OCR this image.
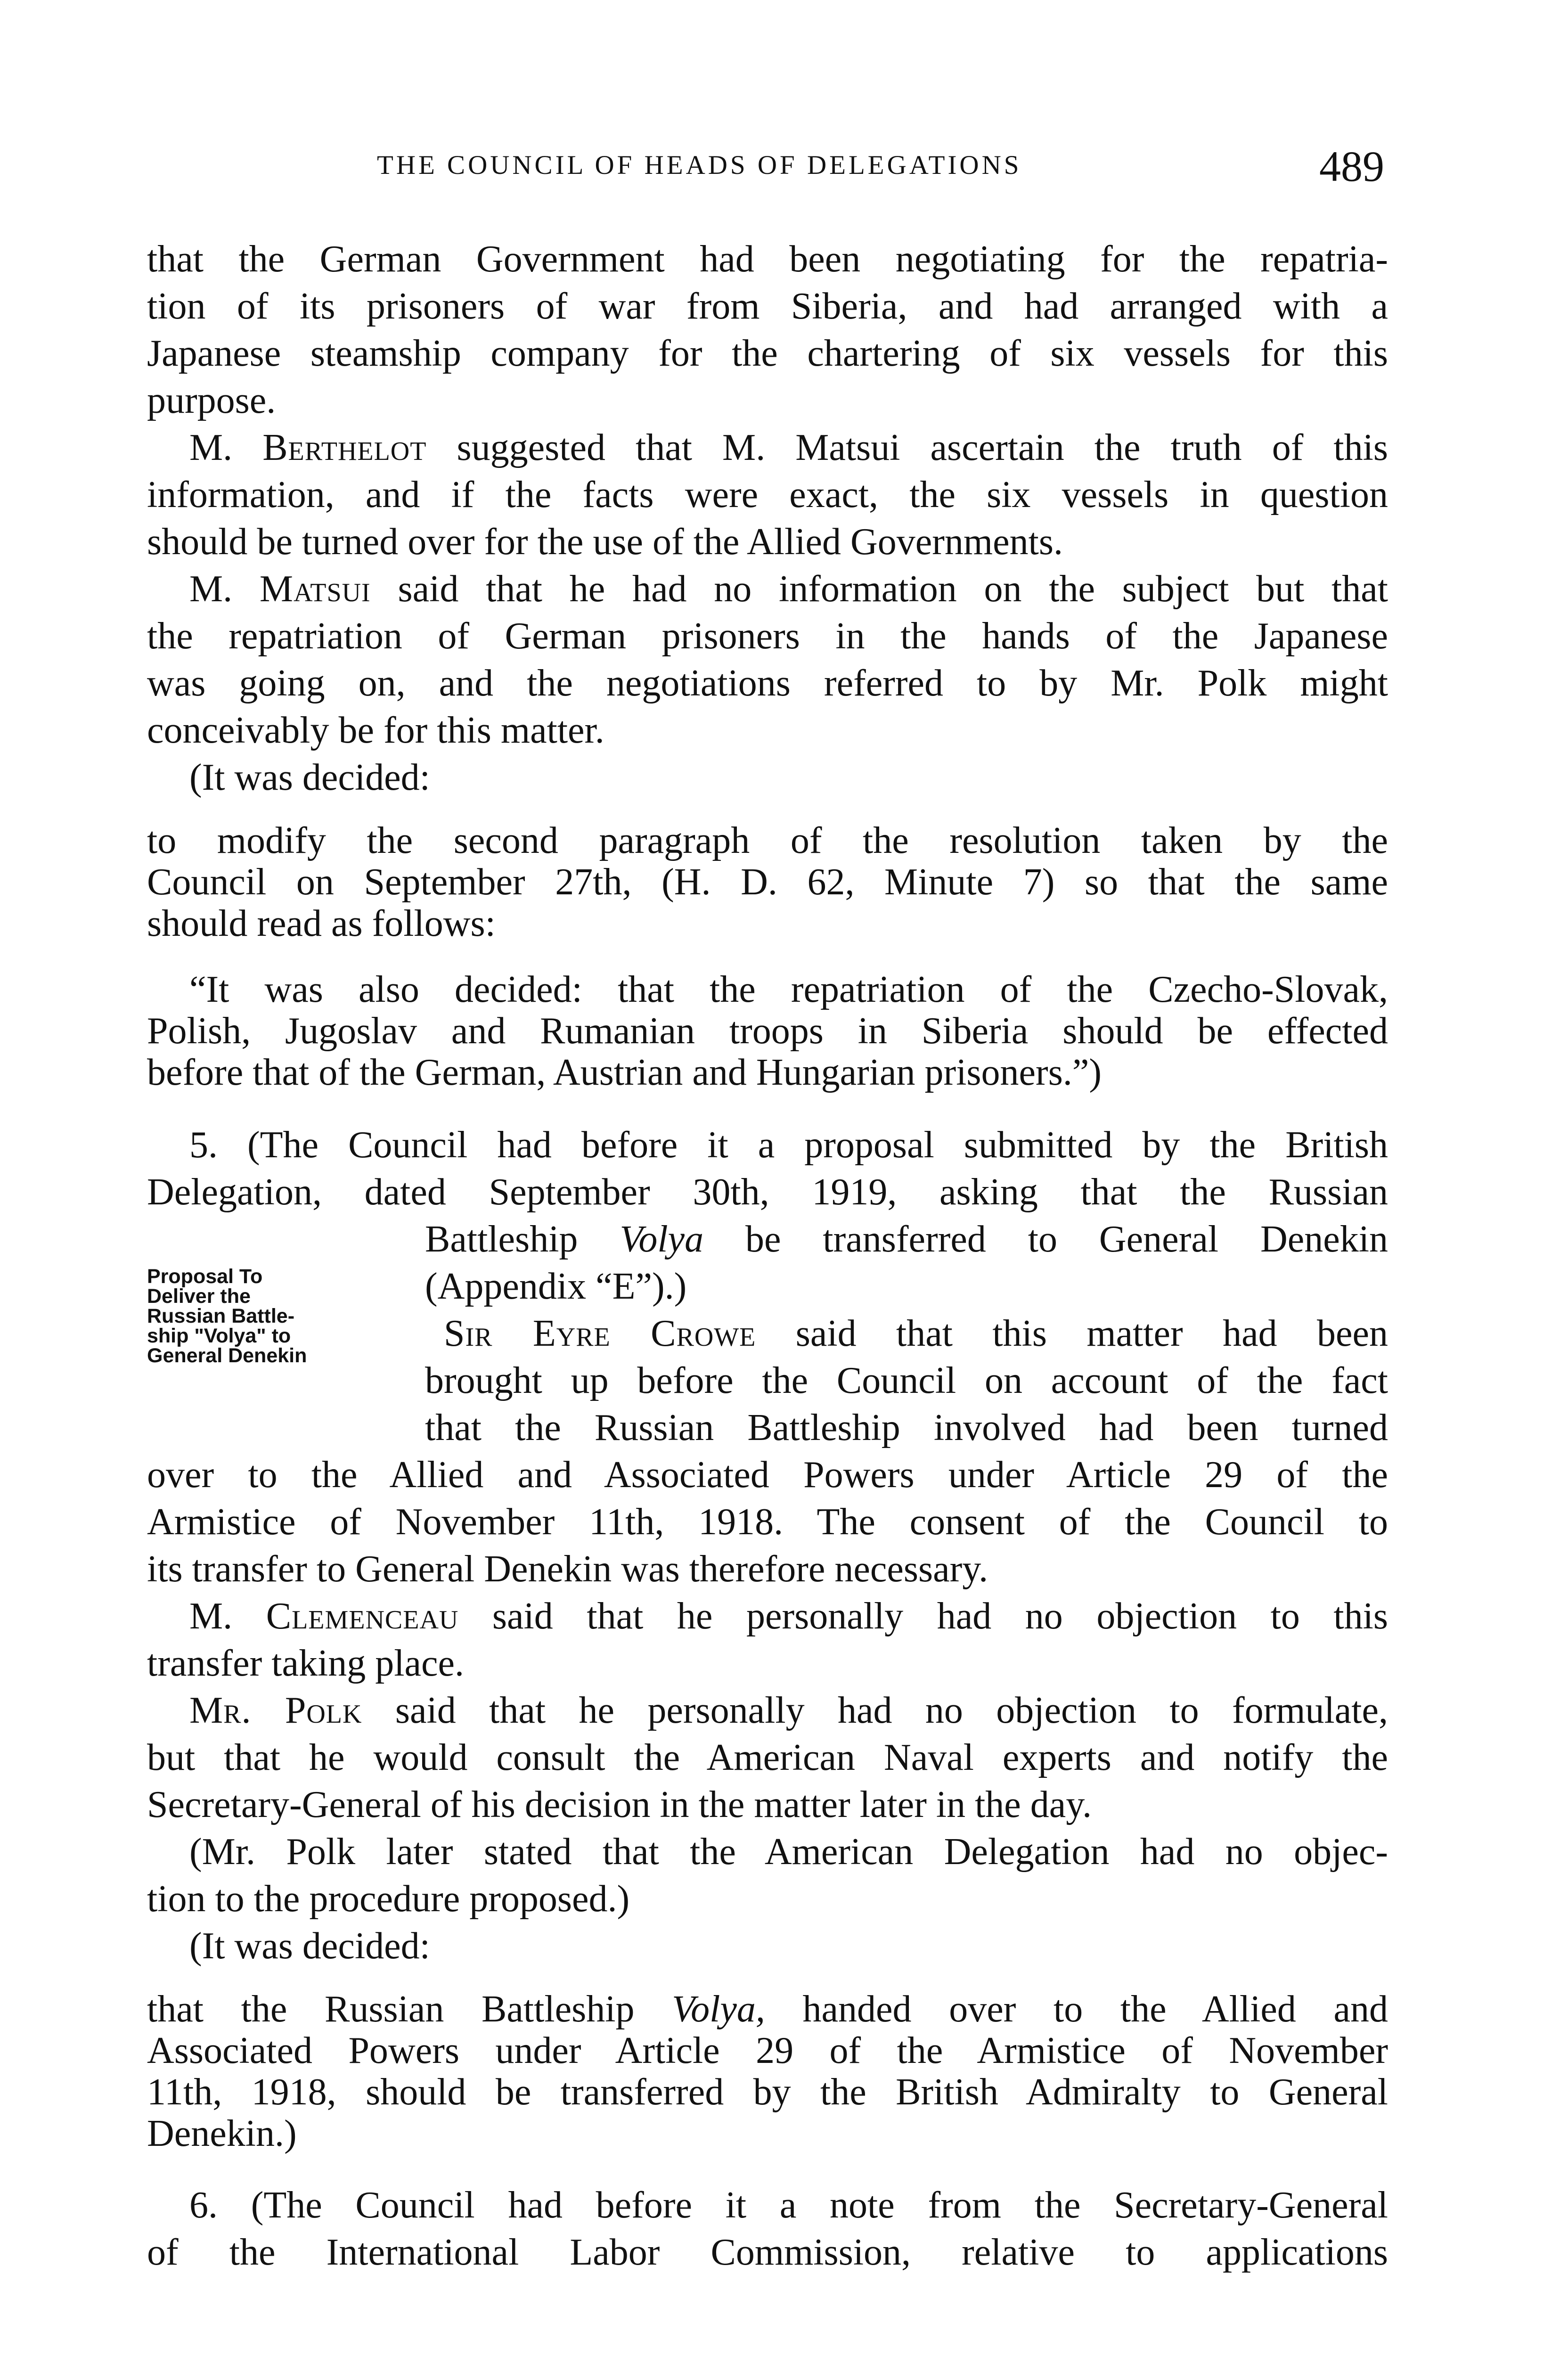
THE COUNCIL OF HEADS OF DELEGATIONS	489
Proposal To
Deliver the
Russian Battle-
ship "Volya" to
General Denekin
that the German Government had been negotiating for the repatria-
tion of its prisoners of war from Siberia, and had arranged with a
Japanese steamship company for the chartering of six vessels for this
purpose.
M. Berthelot suggested that M. Matsui ascertain the truth of this
information, and if the facts were exact, the six vessels in question
should be turned over for the use of the Allied Governments.
M. Matsui said that he had no information on the subject but that
the repatriation of German prisoners in the hands of the Japanese
was going on, and the negotiations referred to by Mr. Polk might
conceivably be for this matter.
(It was decided:
to modify the second paragraph of the resolution taken by the
Council on September 27th, (H. D. 62, Minute 7) so that the same
should read as follows:
“It was also decided: that the repatriation of the Czecho-Slovak,
Polish, Jugoslav and Rumanian troops in Siberia should be effected
before that of the German, Austrian and Hungarian prisoners.”)
5. (The Council had before it a proposal submitted by the British
Delegation, dated September 30th, 1919, asking that the Russian
Battleship Volya be transferred to General Denekin
(Appendix “E”).)
Sir Eyre Crowe said that this matter had been
brought up before the Council on account of the fact
that the Russian Battleship involved had been turned
over to the Allied and Associated Powers under Article 29 of the
Armistice of November 11th, 1918. The consent of the Council to
its transfer to General Denekin was therefore necessary.
M. Clemenceau said that he personally had no objection to this
transfer taking place.
Mr. Polk said that he personally had no objection to formulate,
but that he would consult the American Naval experts and notify the
Secretary-General of his decision in the matter later in the day.
(Mr. Polk later stated that the American Delegation had no objec-
tion to the procedure proposed.)
(It was decided:
that the Russian Battleship Volya, handed over to the Allied and
Associated Powers under Article 29 of the Armistice of November
11th, 1918, should be transferred by the British Admiralty to General
Denekin.)
6. (The Council had before it a note from the Secretary-General
of the International Labor Commission, relative to applications
